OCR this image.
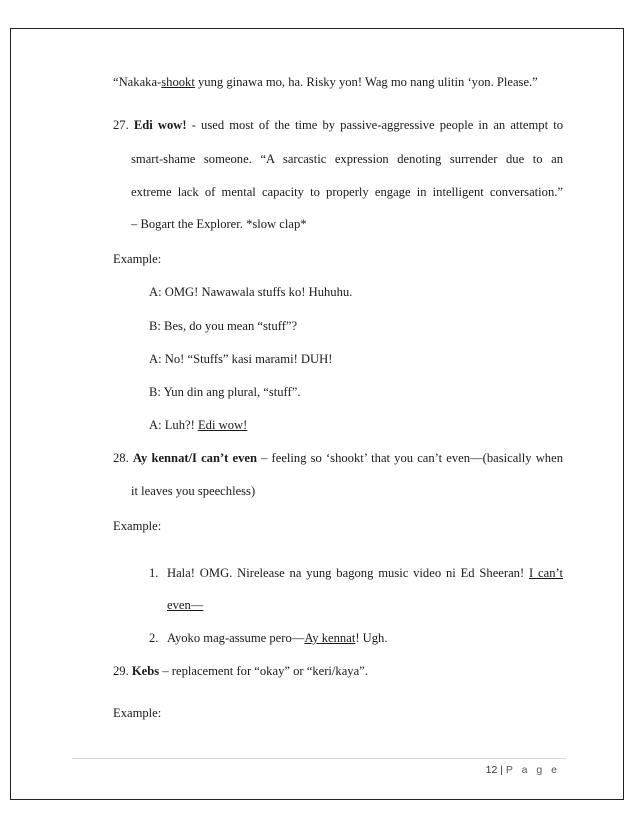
“Nakaka-shookt yung ginawa mo, ha. Risky yon! Wag mo nang ulitin ‘yon. Please.”
27. Edi wow! - used most of the time by passive-aggressive people in an attempt to
smart-shame someone. “A sarcastic expression denoting surrender due to an
extreme lack of mental capacity to properly engage in intelligent conversation.”
– Bogart the Explorer. *slow clap*
Example:
A: OMG! Nawawala stuffs ko! Huhuhu.
B: Bes, do you mean “stuff”?
A: No! “Stuffs” kasi marami! DUH!
B: Yun din ang plural, “stuff”.
A: Luh?! Edi wow!
28. Ay kennat/I can’t even – feeling so ‘shookt’ that you can’t even—(basically when
it leaves you speechless)
Example:
1. Hala! OMG. Nirelease na yung bagong music video ni Ed Sheeran! I can’t
even—
2. Ayoko mag-assume pero—Ay kennat! Ugh.
29. Kebs – replacement for “okay” or “keri/kaya”.
Example:
12 | P a g e
